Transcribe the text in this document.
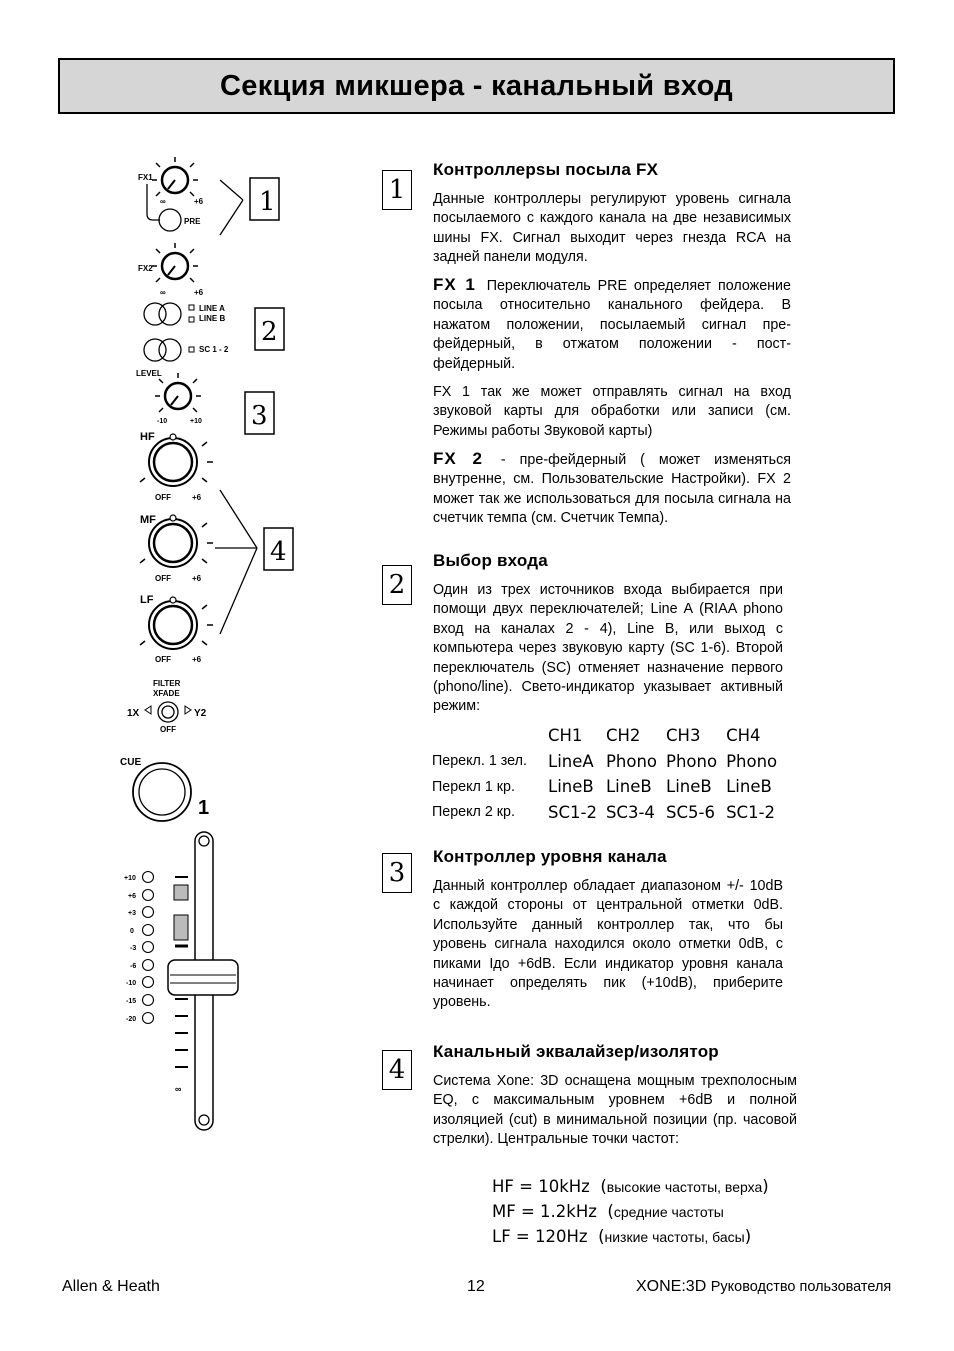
Секция микшера - канальный вход
FX1
∞	+6
PRE
FX2
∞	+6
LINE A
LINE B
SC 1 - 2
LEVEL
-10	+10
HF
OFF	+6
MF
OFF	+6
LF
OFF	+6
FILTER
XFADE
1X	Y2
OFF
CUE
1
+10
+6
+3
0
-3
-6
-10
-15
-20
∞
1
2
3
4
1
Контроллерsы посыла FX
Данные контроллеры регулируют уровень сигнала посылаемого с каждого канала на две независимых шины FX. Сигнал выходит через гнезда RCA на задней панели модуля.
FX 1 Переключатель PRE определяет положение посыла относительно канального фейдера. В нажатом положении, посылаемый сигнал пре-фейдерный, в отжатом положении - пост-фейдерный.
FX 1 так же может отправлять сигнал на вход звуковой карты для обработки или записи (см. Режимы работы Звуковой карты)
FX 2 - пре-фейдерный ( может изменяться внутренне, см. Пользовательские Настройки). FX 2 может так же использоваться для посыла сигнала на счетчик темпа (см. Счетчик Темпа).
2
Выбор входа
Один из трех источников входа выбирается при помощи двух переключателей; Line A (RIAA phono вход на каналах 2 - 4), Line B, или выход с компьютера через звуковую карту (SC 1-6). Второй переключатель (SC) отменяет назначение первого (phono/line). Свето-индикатор указывает активный режим:
	CH1	CH2	CH3	CH4
Перекл. 1 зел.	LineA	Phono	Phono	Phono
Перекл 1 кр.	LineB	LineB	LineB	LineB
Перекл 2 кр.	SC1-2	SC3-4	SC5-6	SC1-2
3
Контроллер уровня канала
Данный контроллер обладает диапазоном +/- 10dB с каждой стороны от центральной отметки 0dB. Используйте данный контроллер так, что бы уровень сигнала находился около отметки 0dB, с пиками Iдо +6dB. Если индикатор уровня канала начинает определять пик (+10dB), приберите уровень.
4
Канальный эквалайзер/изолятор
Система Xone: 3D оснащена мощным трехполосным EQ, с максимальным уровнем +6dB и полной изоляцией (cut) в минимальной позиции (пр. часовой стрелки). Центральные точки частот:
HF = 10kHz (высокие частоты, верха)
MF = 1.2kHz (средние частоты
LF = 120Hz (низкие частоты, басы)
Allen & Heath	12	XONE:3D Руководство пользователя
